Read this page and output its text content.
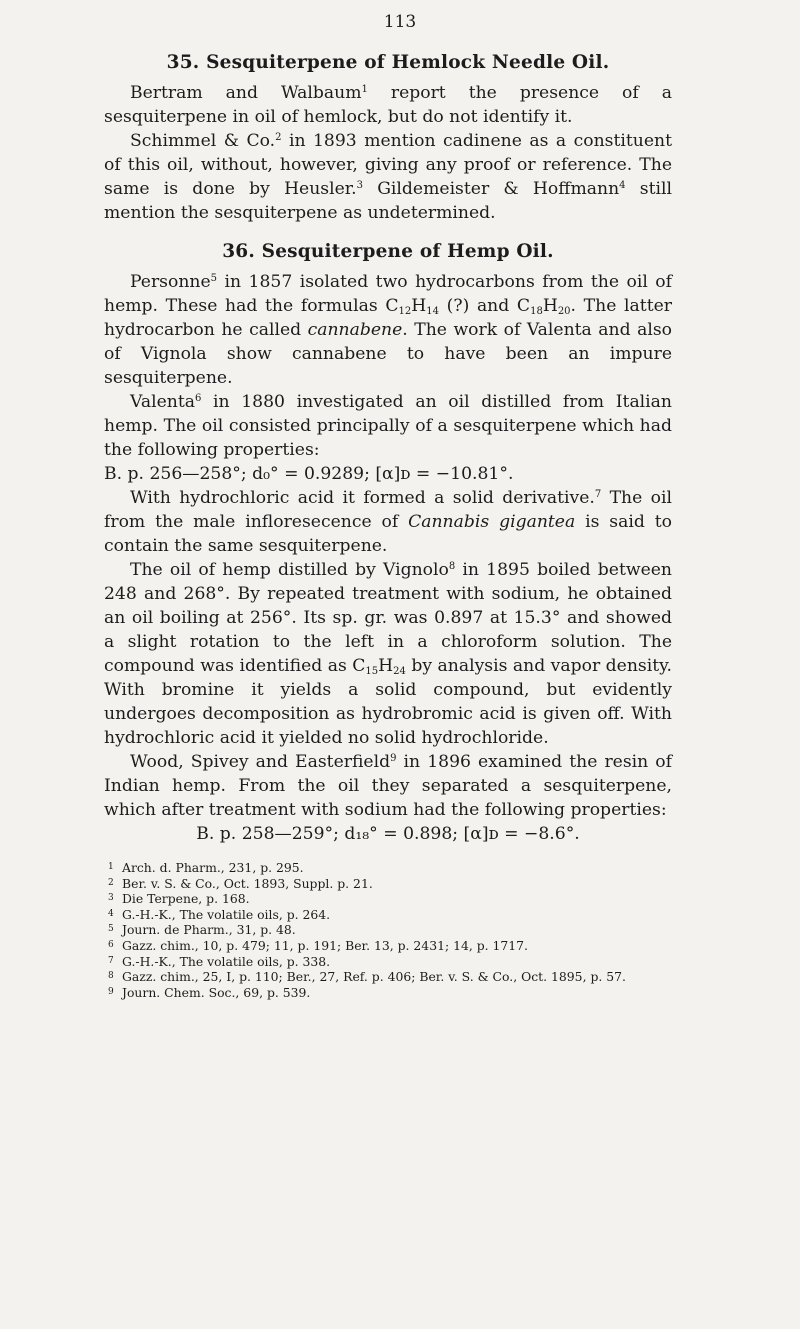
113
35. Sesquiterpene of Hemlock Needle Oil.

Bertram and Walbaum$^1$ report the presence of a sesquiterpene in oil of hemlock, but do not identify it.

Schimmel & Co.$^2$ in 1893 mention cadinene as a constituent of this oil, without, however, giving any proof or reference. The same is done by Heusler.$^3$ Gildemeister & Hoffmann$^4$ still mention the sesquiterpene as undetermined.

36. Sesquiterpene of Hemp Oil.

Personne$^5$ in 1857 isolated two hydrocarbons from the oil of hemp. These had the formulas $C_{12}H_{14}$ (?) and $C_{18}H_{20}$. The latter hydrocarbon he called cannabene. The work of Valenta and also of Vignola show cannabene to have been an impure sesquiterpene.

Valenta$^6$ in 1880 investigated an oil distilled from Italian hemp. The oil consisted principally of a sesquiterpene which had the following properties:

B. p. 256—258°; d₀° = 0.9289; [α]ᴅ = −10.81°.

With hydrochloric acid it formed a solid derivative.$^7$ The oil from the male infloresecence of Cannabis gigantea is said to contain the same sesquiterpene.

The oil of hemp distilled by Vignolo$^8$ in 1895 boiled between 248 and 268°. By repeated treatment with sodium, he obtained an oil boiling at 256°. Its sp. gr. was 0.897 at 15.3° and showed a slight rotation to the left in a chloroform solution. The compound was identified as $C_{15}H_{24}$ by analysis and vapor density. With bromine it yields a solid compound, but evidently undergoes decomposition as hydrobromic acid is given off. With hydrochloric acid it yielded no solid hydrochloride.

Wood, Spivey and Easterfield$^9$ in 1896 examined the resin of Indian hemp. From the oil they separated a sesquiterpene, which after treatment with sodium had the following properties:

B. p. 258—259°; d₁₈° = 0.898; [α]ᴅ = −8.6°.

1 Arch. d. Pharm., 231, p. 295.
2 Ber. v. S. & Co., Oct. 1893, Suppl. p. 21.
3 Die Terpene, p. 168.
4 G.-H.-K., The volatile oils, p. 264.
5 Journ. de Pharm., 31, p. 48.
6 Gazz. chim., 10, p. 479; 11, p. 191; Ber. 13, p. 2431; 14, p. 1717.
7 G.-H.-K., The volatile oils, p. 338.
8 Gazz. chim., 25, I, p. 110; Ber., 27, Ref. p. 406; Ber. v. S. & Co., Oct. 1895, p. 57.
9 Journ. Chem. Soc., 69, p. 539.
